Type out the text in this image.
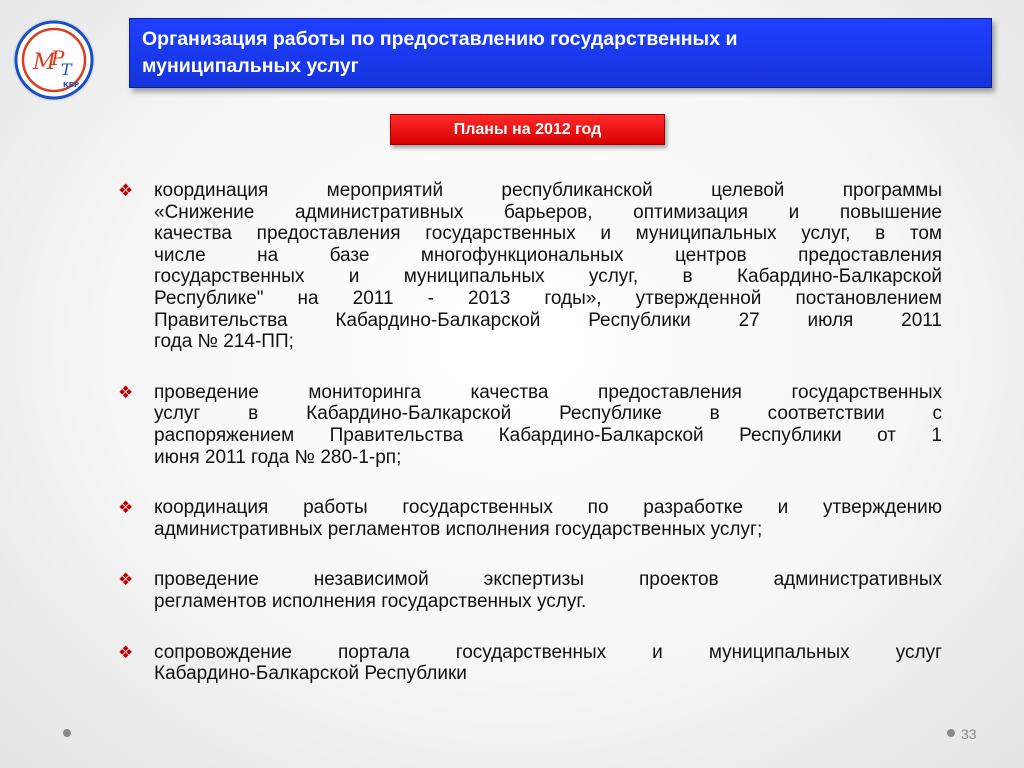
М
Р
Т
КБР
Организация работы по предоставлению государственных и
муниципальных услуг
Планы на 2012 год
❖	координация мероприятий республиканской целевой программы
«Снижение административных барьеров, оптимизация и повышение
качества предоставления государственных и муниципальных услуг, в том
числе на базе многофункциональных центров предоставления
государственных и муниципальных услуг, в Кабардино-Балкарской
Республике" на 2011 - 2013 годы», утвержденной постановлением
Правительства Кабардино-Балкарской Республики 27 июля 2011
года № 214-ПП;
❖	проведение мониторинга качества предоставления государственных
услуг в Кабардино-Балкарской Республике в соответствии с
распоряжением Правительства Кабардино-Балкарской Республики от 1
июня 2011 года № 280-1-рп;
❖	координация работы государственных по разработке и утверждению
административных регламентов исполнения государственных услуг;
❖	проведение независимой экспертизы проектов административных
регламентов исполнения государственных услуг.
❖	сопровождение портала государственных и муниципальных услуг
Кабардино-Балкарской Республики
33
